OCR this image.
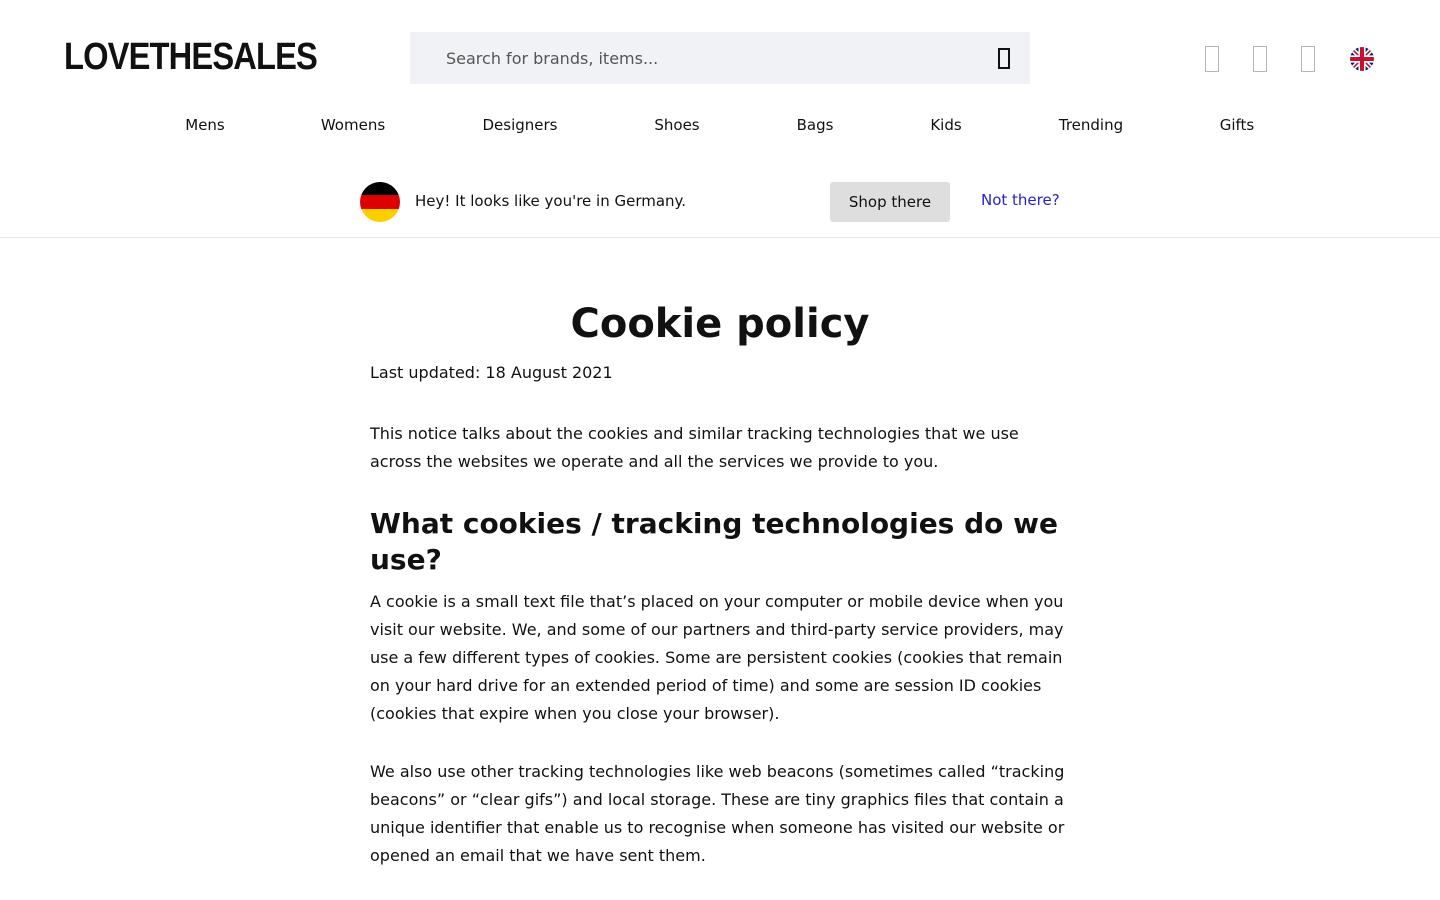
LOVETHESALES
Search for brands, items...
Mens	Womens	Designers	Shoes	Bags	Kids	Trending	Gifts
Hey! It looks like you're in Germany.	Shop there	Not there?
Cookie policy

Last updated: 18 August 2021

This notice talks about the cookies and similar tracking technologies that we use across the websites we operate and all the services we provide to you.

What cookies / tracking technologies do we use?

A cookie is a small text file that’s placed on your computer or mobile device when you visit our website. We, and some of our partners and third-party service providers, may use a few different types of cookies. Some are persistent cookies (cookies that remain on your hard drive for an extended period of time) and some are session ID cookies (cookies that expire when you close your browser).

We also use other tracking technologies like web beacons (sometimes called “tracking beacons” or “clear gifs”) and local storage. These are tiny graphics files that contain a unique identifier that enable us to recognise when someone has visited our website or opened an email that we have sent them.
